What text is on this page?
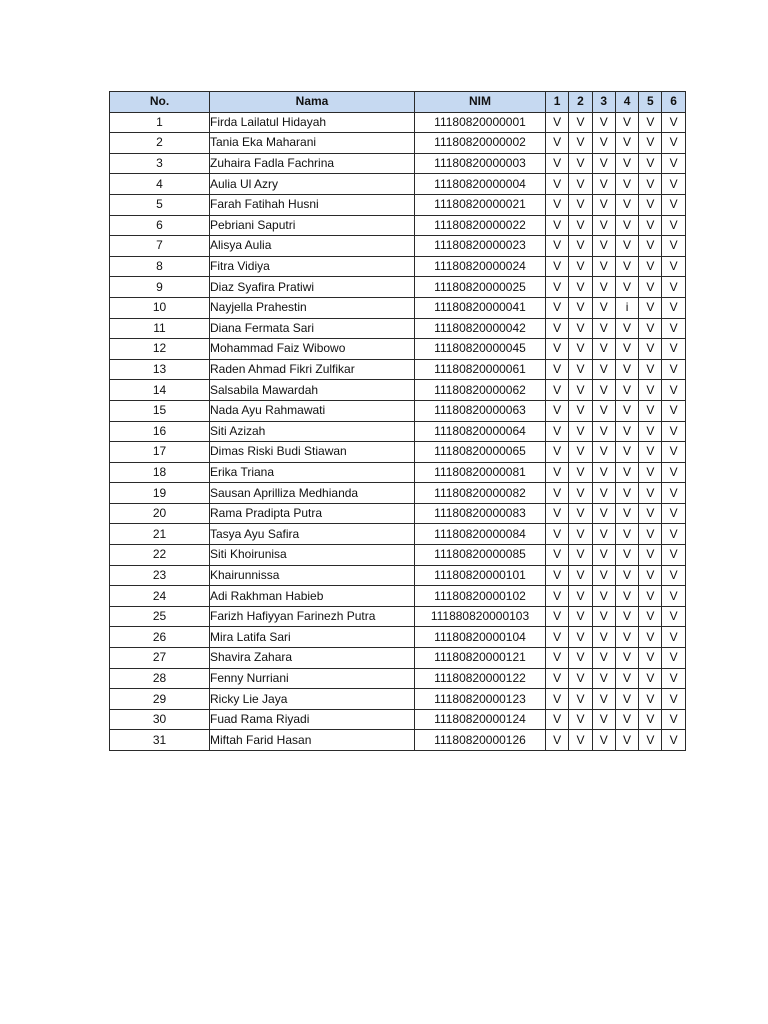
No.	Nama	NIM	1	2	3	4	5	6
1	Firda Lailatul Hidayah	11180820000001	V	V	V	V	V	V
2	Tania Eka Maharani	11180820000002	V	V	V	V	V	V
3	Zuhaira Fadla Fachrina	11180820000003	V	V	V	V	V	V
4	Aulia Ul Azry	11180820000004	V	V	V	V	V	V
5	Farah Fatihah Husni	11180820000021	V	V	V	V	V	V
6	Pebriani Saputri	11180820000022	V	V	V	V	V	V
7	Alisya Aulia	11180820000023	V	V	V	V	V	V
8	Fitra Vidiya	11180820000024	V	V	V	V	V	V
9	Diaz Syafira Pratiwi	11180820000025	V	V	V	V	V	V
10	Nayjella Prahestin	11180820000041	V	V	V	i	V	V
11	Diana Fermata Sari	11180820000042	V	V	V	V	V	V
12	Mohammad Faiz Wibowo	11180820000045	V	V	V	V	V	V
13	Raden Ahmad Fikri Zulfikar	11180820000061	V	V	V	V	V	V
14	Salsabila Mawardah	11180820000062	V	V	V	V	V	V
15	Nada Ayu Rahmawati	11180820000063	V	V	V	V	V	V
16	Siti Azizah	11180820000064	V	V	V	V	V	V
17	Dimas Riski Budi Stiawan	11180820000065	V	V	V	V	V	V
18	Erika Triana	11180820000081	V	V	V	V	V	V
19	Sausan Aprilliza Medhianda	11180820000082	V	V	V	V	V	V
20	Rama Pradipta Putra	11180820000083	V	V	V	V	V	V
21	Tasya Ayu Safira	11180820000084	V	V	V	V	V	V
22	Siti Khoirunisa	11180820000085	V	V	V	V	V	V
23	Khairunnissa	11180820000101	V	V	V	V	V	V
24	Adi Rakhman Habieb	11180820000102	V	V	V	V	V	V
25	Farizh Hafiyyan Farinezh Putra	111880820000103	V	V	V	V	V	V
26	Mira Latifa Sari	11180820000104	V	V	V	V	V	V
27	Shavira Zahara	11180820000121	V	V	V	V	V	V
28	Fenny Nurriani	11180820000122	V	V	V	V	V	V
29	Ricky Lie Jaya	11180820000123	V	V	V	V	V	V
30	Fuad Rama Riyadi	11180820000124	V	V	V	V	V	V
31	Miftah Farid Hasan	11180820000126	V	V	V	V	V	V
